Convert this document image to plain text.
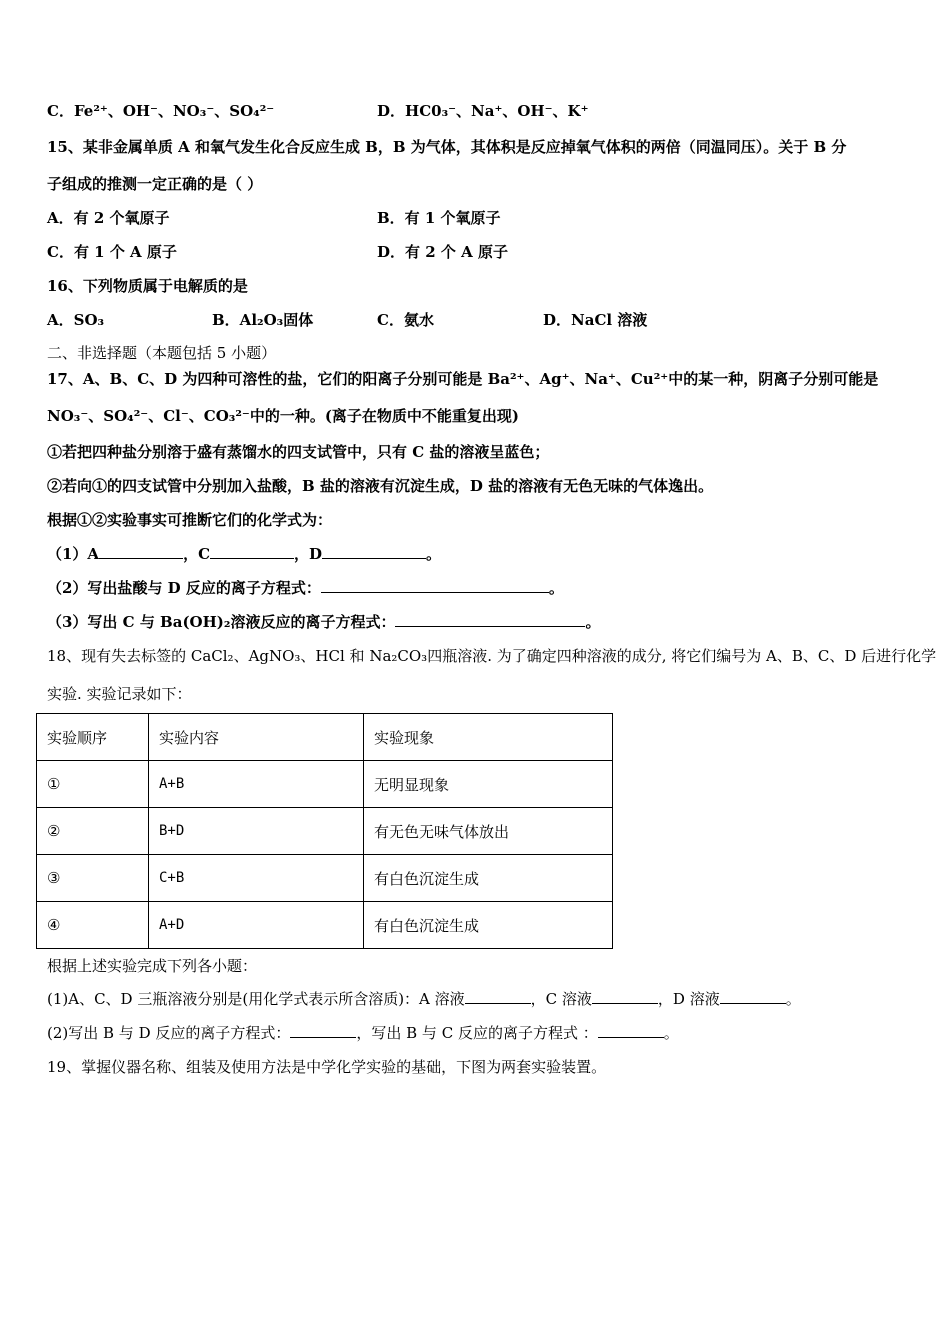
C．Fe²⁺、OH⁻、NO₃⁻、SO₄²⁻	D．HC0₃⁻、Na⁺、OH⁻、K⁺
15、某非金属单质 A 和氧气发生化合反应生成 B，B 为气体，其体积是反应掉氧气体积的两倍（同温同压）。关于 B 分
子组成的推测一定正确的是（ ）
A．有 2 个氧原子	B．有 1 个氧原子
C．有 1 个 A 原子	D．有 2 个 A 原子
16、下列物质属于电解质的是
A．SO₃	B．Al₂O₃固体	C．氨水	D．NaCl 溶液
二、非选择题（本题包括 5 小题）
17、A、B、C、D 为四种可溶性的盐，它们的阳离子分别可能是 Ba²⁺、Ag⁺、Na⁺、Cu²⁺中的某一种，阴离子分别可能是
NO₃⁻、SO₄²⁻、Cl⁻、CO₃²⁻中的一种。(离子在物质中不能重复出现)
①若把四种盐分别溶于盛有蒸馏水的四支试管中，只有 C 盐的溶液呈蓝色；
②若向①的四支试管中分别加入盐酸，B 盐的溶液有沉淀生成，D 盐的溶液有无色无味的气体逸出。
根据①②实验事实可推断它们的化学式为：
（1）A	，C	，D	。
（2）写出盐酸与 D 反应的离子方程式：	。
（3）写出 C 与 Ba(OH)₂溶液反应的离子方程式：	。
18、现有失去标签的 CaCl₂、AgNO₃、HCl 和 Na₂CO₃四瓶溶液. 为了确定四种溶液的成分, 将它们编号为 A、B、C、D 后进行化学
实验. 实验记录如下：
实验顺序	实验内容	实验现象
①	A+B	无明显现象
②	B+D	有无色无味气体放出
③	C+B	有白色沉淀生成
④	A+D	有白色沉淀生成
根据上述实验完成下列各小题：
(1)A、C、D 三瓶溶液分别是(用化学式表示所含溶质)：A 溶液	，C 溶液	，D 溶液	。
(2)写出 B 与 D 反应的离子方程式：	，写出 B 与 C 反应的离子方程式 ：	。
19、掌握仪器名称、组装及使用方法是中学化学实验的基础，下图为两套实验装置。
